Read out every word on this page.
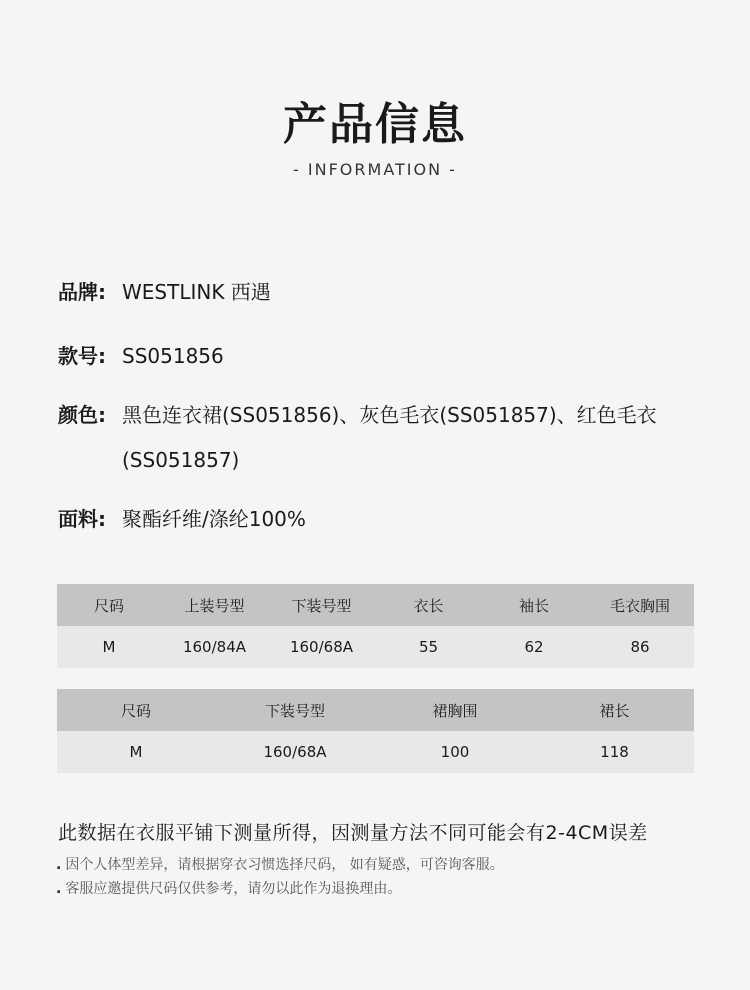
产品信息
- INFORMATION -
品牌: WESTLINK 西遇
款号: SS051856
颜色: 黑色连衣裙(SS051856)、灰色毛衣(SS051857)、红色毛衣
(SS051857)
面料: 聚酯纤维/涤纶100%
尺码	上装号型	下装号型	衣长	袖长	毛衣胸围
M	160/84A	160/68A	55	62	86
尺码	下装号型	裙胸围	裙长
M	160/68A	100	118
此数据在衣服平铺下测量所得，因测量方法不同可能会有2-4CM误差
. 因个人体型差异，请根据穿衣习惯选择尺码， 如有疑惑，可咨询客服。
. 客服应邀提供尺码仅供参考，请勿以此作为退换理由。
